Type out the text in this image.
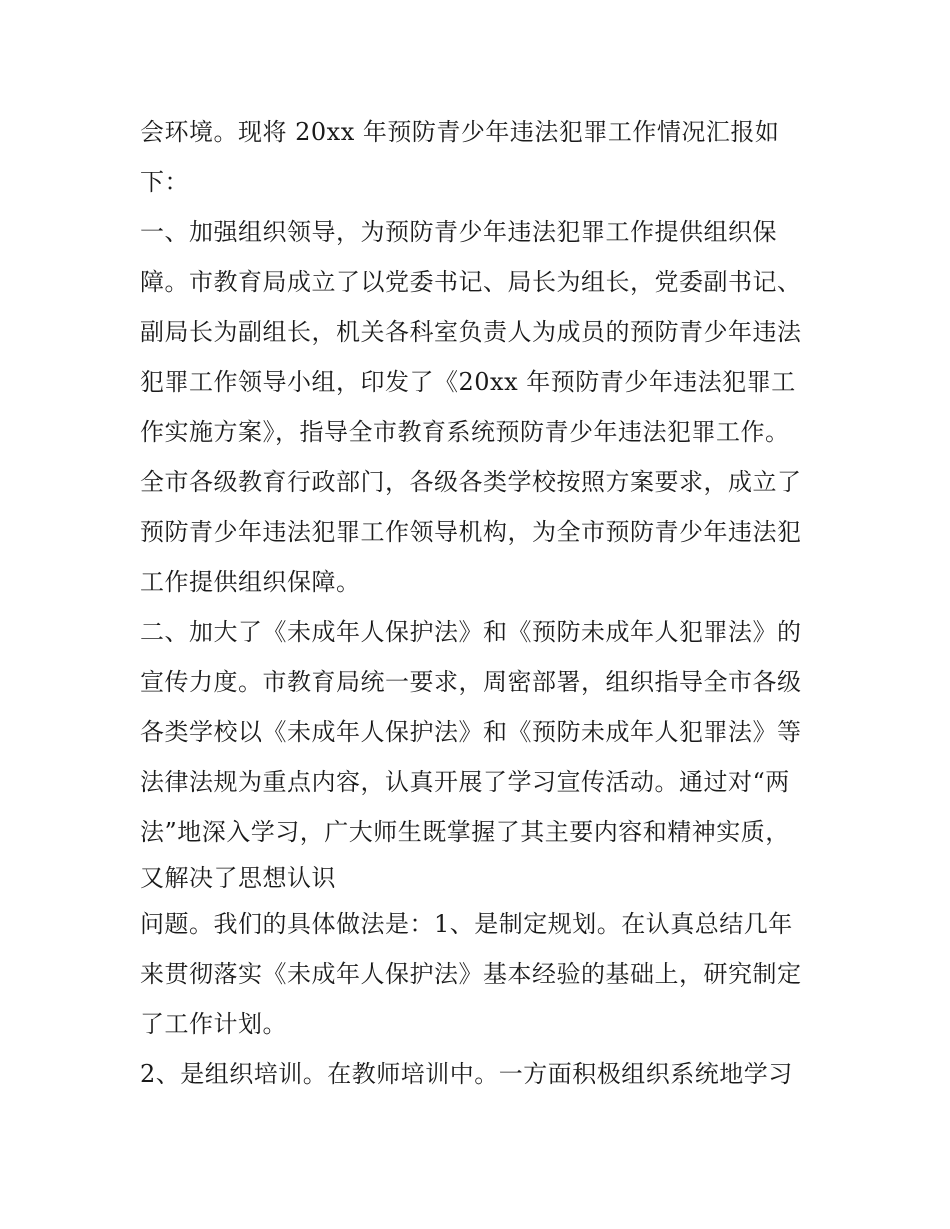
会环境。现将 20xx 年预防青少年违法犯罪工作情况汇报如
下：
一、加强组织领导，为预防青少年违法犯罪工作提供组织保
障。市教育局成立了以党委书记、局长为组长，党委副书记、
副局长为副组长，机关各科室负责人为成员的预防青少年违法
犯罪工作领导小组，印发了《20xx 年预防青少年违法犯罪工
作实施方案》，指导全市教育系统预防青少年违法犯罪工作。
全市各级教育行政部门，各级各类学校按照方案要求，成立了
预防青少年违法犯罪工作领导机构，为全市预防青少年违法犯
工作提供组织保障。
二、加大了《未成年人保护法》和《预防未成年人犯罪法》的
宣传力度。市教育局统一要求，周密部署，组织指导全市各级
各类学校以《未成年人保护法》和《预防未成年人犯罪法》等
法律法规为重点内容，认真开展了学习宣传活动。通过对“两
法”地深入学习，广大师生既掌握了其主要内容和精神实质，
又解决了思想认识
问题。我们的具体做法是：1、是制定规划。在认真总结几年
来贯彻落实《未成年人保护法》基本经验的基础上，研究制定
了工作计划。
2、是组织培训。在教师培训中。一方面积极组织系统地学习
